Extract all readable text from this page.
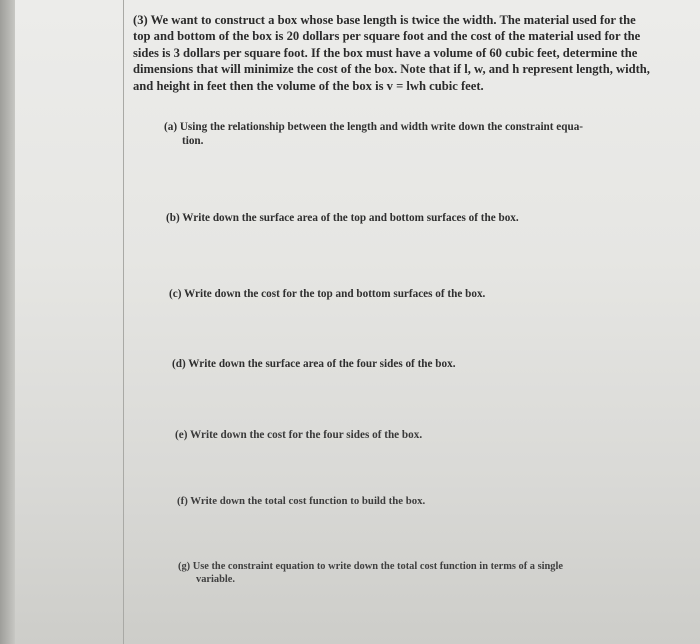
(3) We want to construct a box whose base length is twice the width. The material used for the top and bottom of the box is 20 dollars per square foot and the cost of the material used for the sides is 3 dollars per square foot. If the box must have a volume of 60 cubic feet, determine the dimensions that will minimize the cost of the box. Note that if l, w, and h represent length, width, and height in feet then the volume of the box is v = lwh cubic feet.
(a) Using the relationship between the length and width write down the constraint equa-
tion.
(b) Write down the surface area of the top and bottom surfaces of the box.
(c) Write down the cost for the top and bottom surfaces of the box.
(d) Write down the surface area of the four sides of the box.
(e) Write down the cost for the four sides of the box.
(f) Write down the total cost function to build the box.
(g) Use the constraint equation to write down the total cost function in terms of a single
variable.
